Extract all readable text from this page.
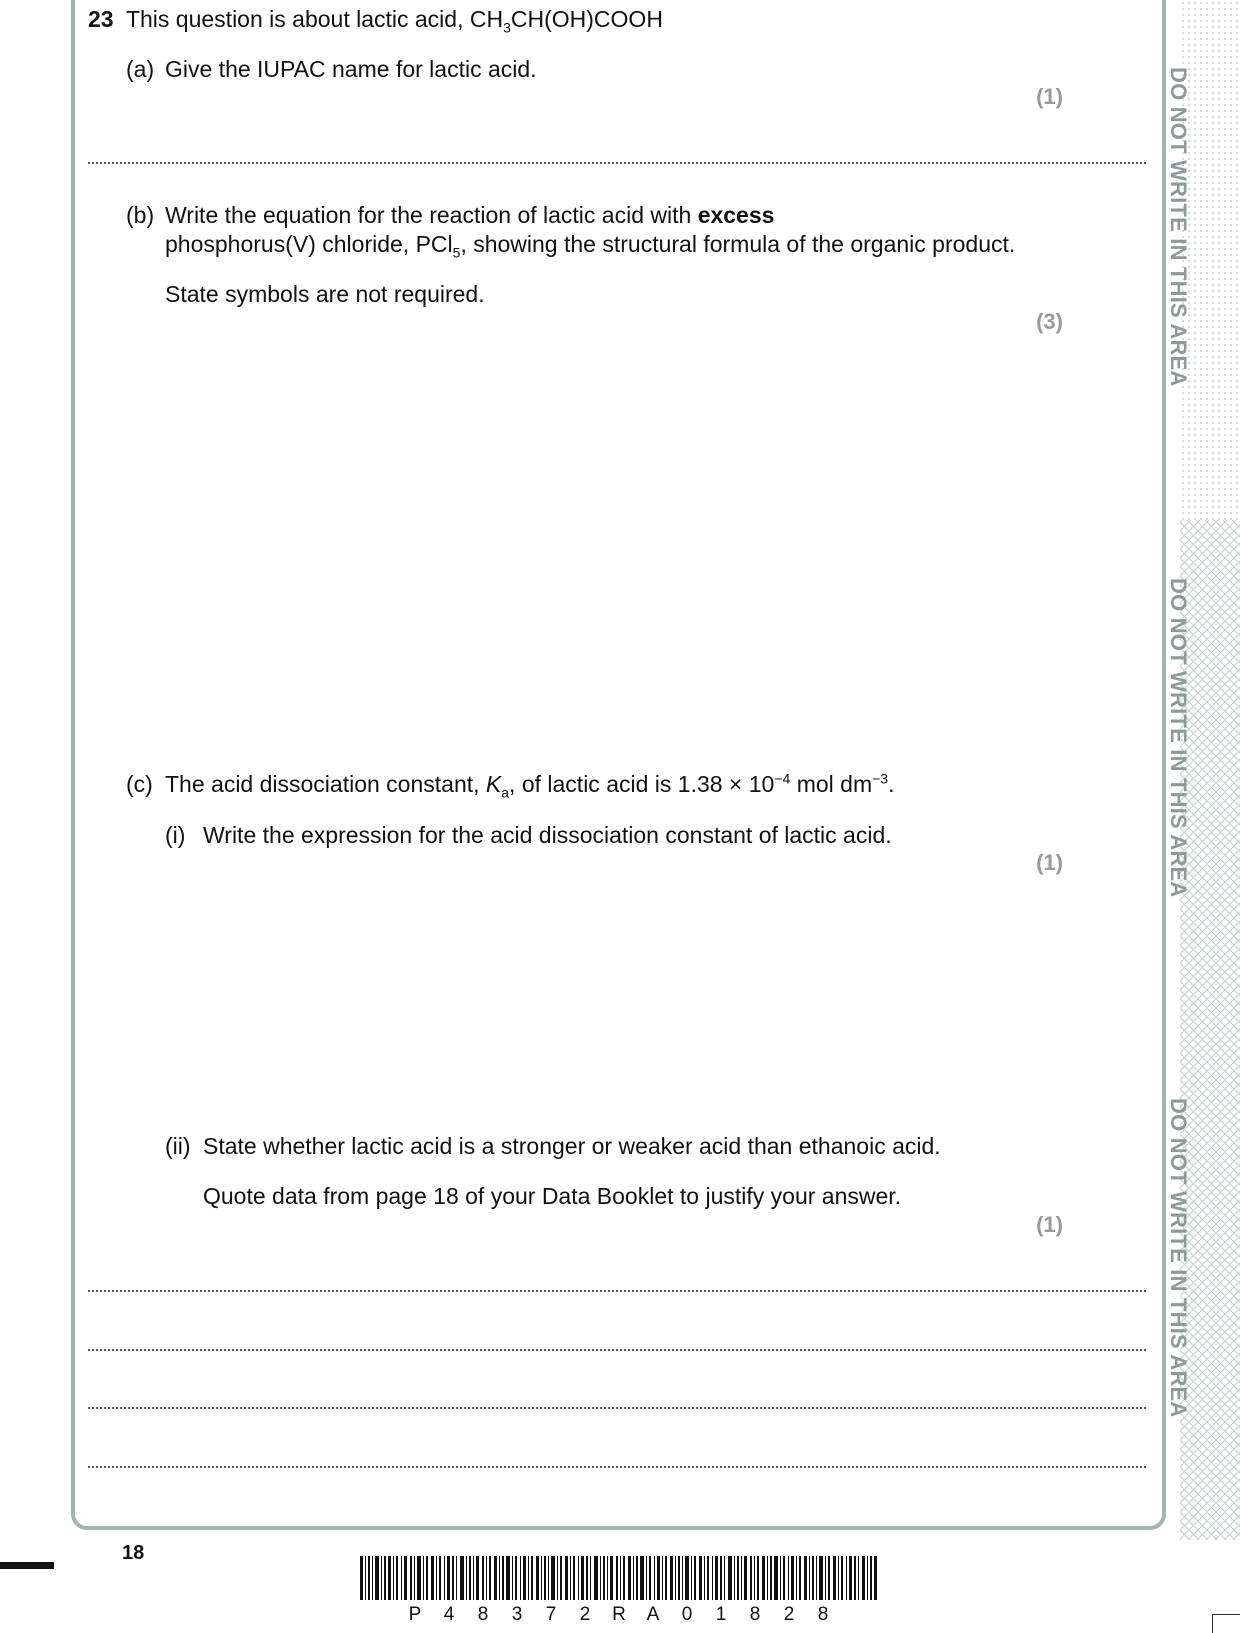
23 This question is about lactic acid, $CH_3CH(OH)COOH$
(a) Give the IUPAC name for lactic acid.
(1)
(b) Write the equation for the reaction of lactic acid with excess
phosphorus(V) chloride, PCl$_5$, showing the structural formula of the organic product.
State symbols are not required.
(3)
(c) The acid dissociation constant, $K_a$, of lactic acid is $1.38 \times 10^{-4}$ mol $dm^{-3}$.
(i) Write the expression for the acid dissociation constant of lactic acid.
(1)
(ii) State whether lactic acid is a stronger or weaker acid than ethanoic acid.
Quote data from page 18 of your Data Booklet to justify your answer.
(1)
DO NOT WRITE IN THIS AREA
DO NOT WRITE IN THIS AREA
DO NOT WRITE IN THIS AREA
18
P 4 8 3 7 2 R A 0 1 8 2 8
